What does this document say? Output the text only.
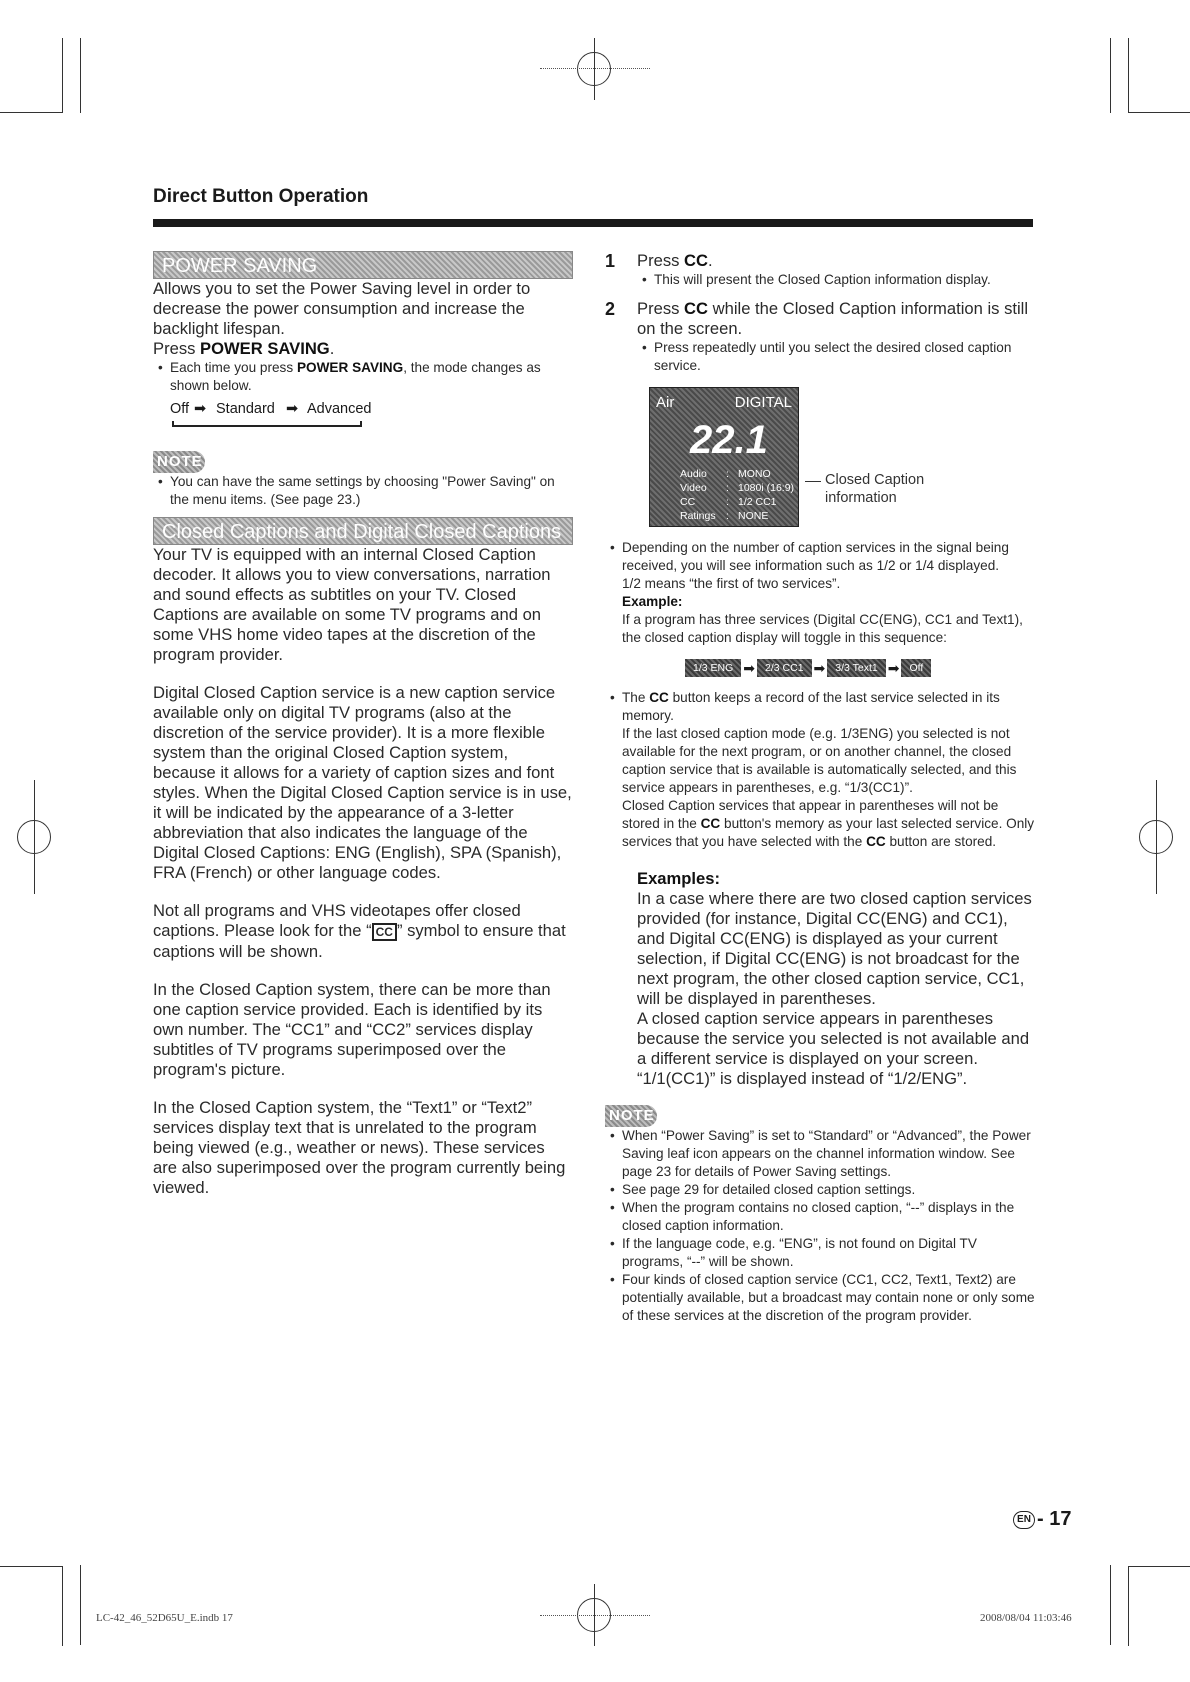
Direct Button Operation
POWER SAVING

Allows you to set the Power Saving level in order to decrease the power consumption and increase the backlight lifespan.

Press POWER SAVING.

• Each time you press POWER SAVING, the mode changes as shown below.

Off ➡ Standard ➡ Advanced
NOTE

• You can have the same settings by choosing "Power Saving" on the menu items. (See page 23.)

Closed Captions and Digital Closed Captions

Your TV is equipped with an internal Closed Caption decoder. It allows you to view conversations, narration and sound effects as subtitles on your TV. Closed Captions are available on some TV programs and on some VHS home video tapes at the discretion of the program provider.

Digital Closed Caption service is a new caption service available only on digital TV programs (also at the discretion of the service provider). It is a more flexible system than the original Closed Caption system, because it allows for a variety of caption sizes and font styles. When the Digital Closed Caption service is in use, it will be indicated by the appearance of a 3-letter abbreviation that also indicates the language of the Digital Closed Captions: ENG (English), SPA (Spanish), FRA (French) or other language codes.

Not all programs and VHS videotapes offer closed captions. Please look for the “ CC ” symbol to ensure that captions will be shown.

In the Closed Caption system, there can be more than one caption service provided. Each is identified by its own number. The “CC1” and “CC2” services display subtitles of TV programs superimposed over the program's picture.

In the Closed Caption system, the “Text1” or “Text2” services display text that is unrelated to the program being viewed (e.g., weather or news). These services are also superimposed over the program currently being viewed.

1 Press CC.

• This will present the Closed Caption information display.

2 Press CC while the Closed Caption information is still on the screen.

• Press repeatedly until you select the desired closed caption service.

Air	DIGITAL
22.1
Audio : MONO
Video : 1080i (16:9)
CC	: 1/2 CC1
Ratings : NONE
Closed Caption information

• Depending on the number of caption services in the signal being received, you will see information such as 1/2 or 1/4 displayed.
1/2 means “the first of two services”.

Example:

If a program has three services (Digital CC(ENG), CC1 and Text1), the closed caption display will toggle in this sequence:

1/3 ENG ➡ 2/3 CC1 ➡ 3/3 Text1 ➡ Off

• The CC button keeps a record of the last service selected in its memory.

If the last closed caption mode (e.g. 1/3ENG) you selected is not available for the next program, or on another channel, the closed caption service that is available is automatically selected, and this service appears in parentheses, e.g. “1/3(CC1)”.

Closed Caption services that appear in parentheses will not be stored in the CC button's memory as your last selected service. Only services that you have selected with the CC button are stored.

Examples:

In a case where there are two closed caption services provided (for instance, Digital CC(ENG) and CC1), and Digital CC(ENG) is displayed as your current selection, if Digital CC(ENG) is not broadcast for the next program, the other closed caption service, CC1, will be displayed in parentheses.

A closed caption service appears in parentheses because the service you selected is not available and a different service is displayed on your screen. “1/1(CC1)” is displayed instead of “1/2/ENG”.

NOTE

• When “Power Saving” is set to “Standard” or “Advanced”, the Power Saving leaf icon appears on the channel information window. See page 23 for details of Power Saving settings.

• See page 29 for detailed closed caption settings.

• When the program contains no closed caption, “--” displays in the closed caption information.

• If the language code, e.g. “ENG”, is not found on Digital TV programs, “--” will be shown.

• Four kinds of closed caption service (CC1, CC2, Text1, Text2) are potentially available, but a broadcast may contain none or only some of these services at the discretion of the program provider.

EN - 17
LC-42_46_52D65U_E.indb 17	2008/08/04 11:03:46
